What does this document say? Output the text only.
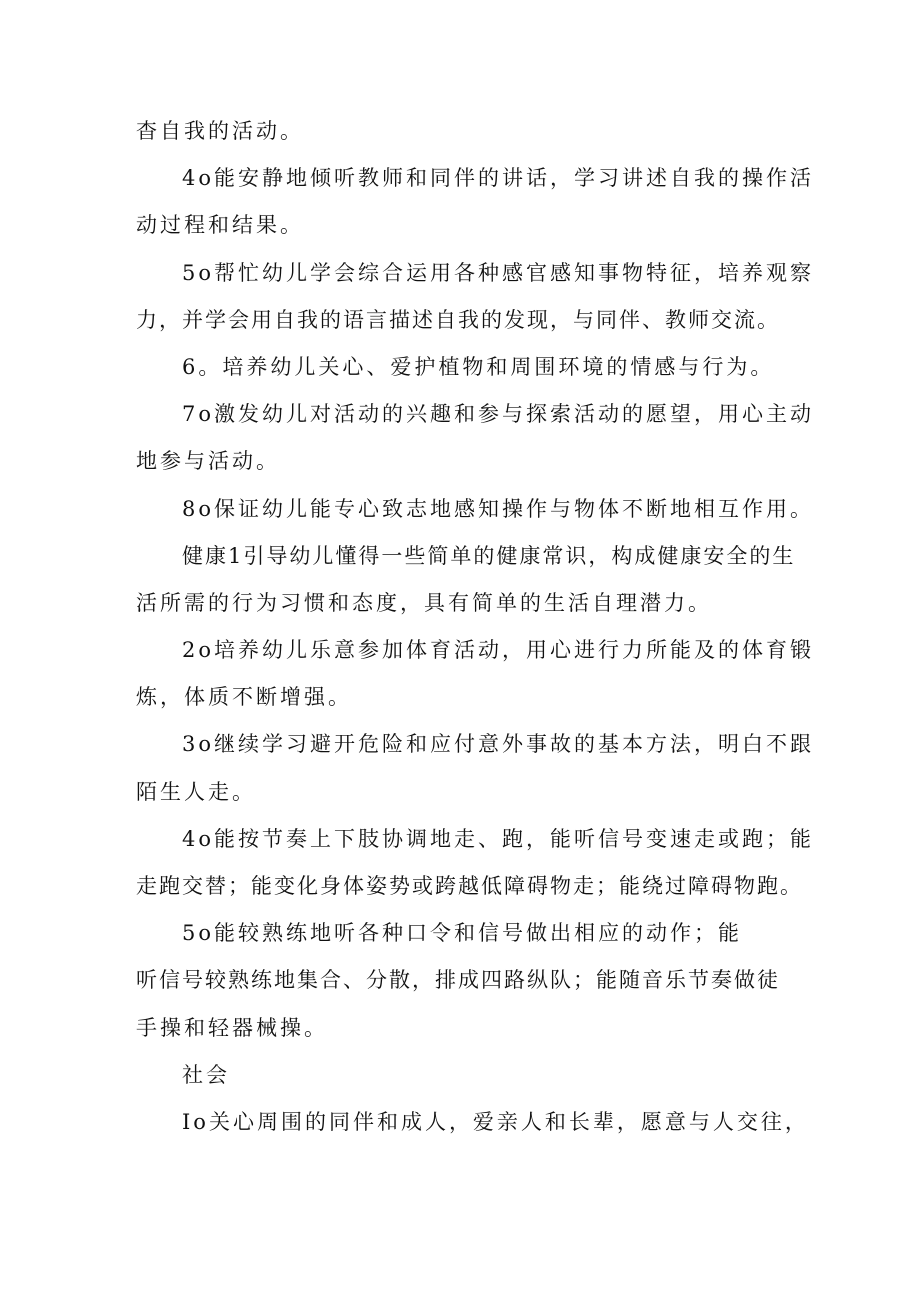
杳自我的活动。
4o能安静地倾听教师和同伴的讲话，学习讲述自我的操作活
动过程和结果。
5o帮忙幼儿学会综合运用各种感官感知事物特征，培养观察
力，并学会用自我的语言描述自我的发现，与同伴、教师交流。
6。培养幼儿关心、爱护植物和周围环境的情感与行为。
7o激发幼儿对活动的兴趣和参与探索活动的愿望，用心主动
地参与活动。
8o保证幼儿能专心致志地感知操作与物体不断地相互作用。
健康1引导幼儿懂得一些简单的健康常识，构成健康安全的生
活所需的行为习惯和态度，具有简单的生活自理潜力。
2o培养幼儿乐意参加体育活动，用心进行力所能及的体育锻
炼，体质不断增强。
3o继续学习避开危险和应付意外事故的基本方法，明白不跟
陌生人走。
4o能按节奏上下肢协调地走、跑，能听信号变速走或跑；能
走跑交替；能变化身体姿势或跨越低障碍物走；能绕过障碍物跑。
5o能较熟练地听各种口令和信号做出相应的动作；能
听信号较熟练地集合、分散，排成四路纵队；能随音乐节奏做徒
手操和轻器械操。
社会
Io关心周围的同伴和成人，爱亲人和长辈，愿意与人交往，
